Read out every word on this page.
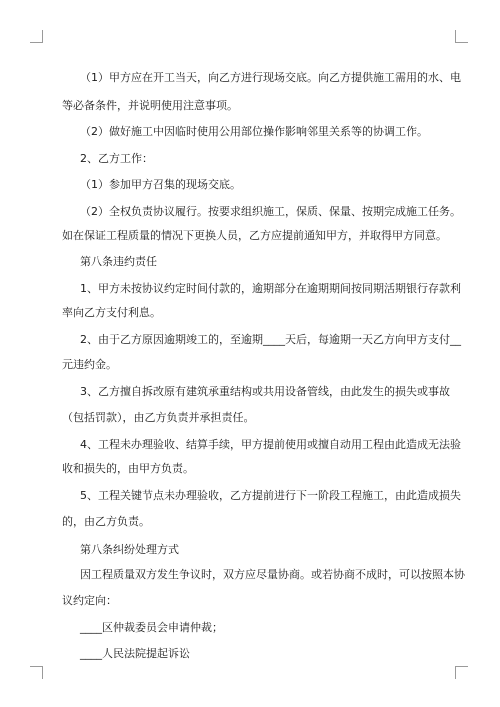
（1）甲方应在开工当天，向乙方进行现场交底。向乙方提供施工需用的水、电
等必备条件，并说明使用注意事项。
（2）做好施工中因临时使用公用部位操作影响邻里关系等的协调工作。
2、乙方工作：
（1）参加甲方召集的现场交底。
（2）全权负责协议履行。按要求组织施工，保质、保量、按期完成施工任务。
如在保证工程质量的情况下更换人员，乙方应提前通知甲方，并取得甲方同意。
第八条违约责任
1、甲方未按协议约定时间付款的，逾期部分在逾期期间按同期活期银行存款利
率向乙方支付利息。
2、由于乙方原因逾期竣工的，至逾期____天后，每逾期一天乙方向甲方支付__
元违约金。
3、乙方擅自拆改原有建筑承重结构或共用设备管线，由此发生的损失或事故
（包括罚款），由乙方负责并承担责任。
4、工程未办理验收、结算手续，甲方提前使用或擅自动用工程由此造成无法验
收和损失的，由甲方负责。
5、工程关键节点未办理验收，乙方提前进行下一阶段工程施工，由此造成损失
的，由乙方负责。
第八条纠纷处理方式
因工程质量双方发生争议时，双方应尽量协商。或若协商不成时，可以按照本协
议约定向：
____区仲裁委员会申请仲裁；
____人民法院提起诉讼
